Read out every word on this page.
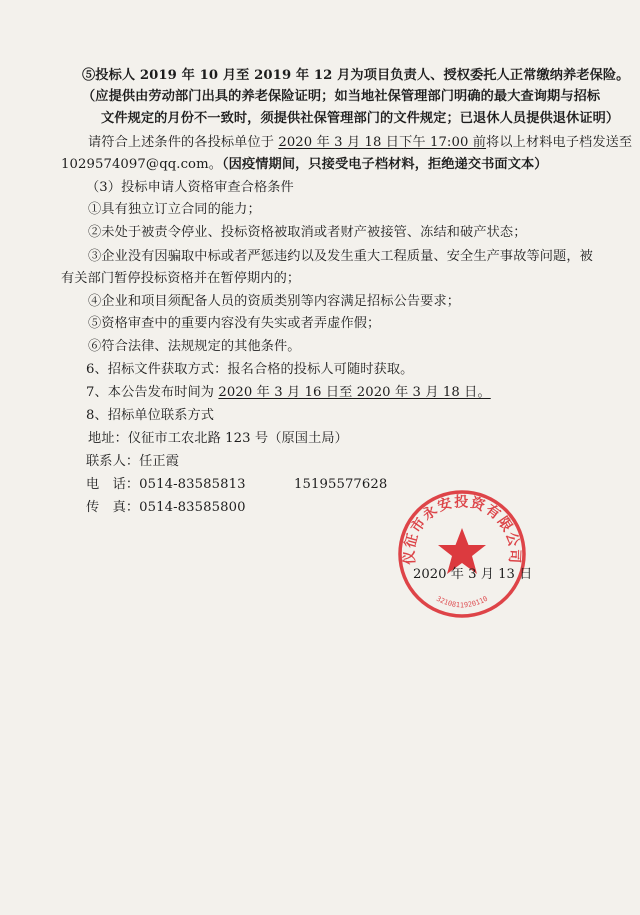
⑤投标人 2019 年 10 月至 2019 年 12 月为项目负责人、授权委托人正常缴纳养老保险。
（应提供由劳动部门出具的养老保险证明；如当地社保管理部门明确的最大查询期与招标
文件规定的月份不一致时，须提供社保管理部门的文件规定；已退休人员提供退休证明）
请符合上述条件的各投标单位于 2020 年 3 月 18 日下午 17:00 前将以上材料电子档发送至
1029574097@qq.com。（因疫情期间，只接受电子档材料，拒绝递交书面文本）
（3）投标申请人资格审查合格条件
①具有独立订立合同的能力；
②未处于被责令停业、投标资格被取消或者财产被接管、冻结和破产状态；
③企业没有因骗取中标或者严惩违约以及发生重大工程质量、安全生产事故等问题，被
有关部门暂停投标资格并在暂停期内的；
④企业和项目须配备人员的资质类别等内容满足招标公告要求；
⑤资格审查中的重要内容没有失实或者弄虚作假；
⑥符合法律、法规规定的其他条件。
6、招标文件获取方式：报名合格的投标人可随时获取。
7、本公告发布时间为 2020 年 3 月 16 日至 2020 年 3 月 18 日。
8、招标单位联系方式
地址：仪征市工农北路 123 号（原国土局）
联系人：任正霞
电　话：0514-83585813	15195577628
传　真：0514-83585800
仪征市永安投资有限公司
3210811920110
2020 年 3 月 13 日
